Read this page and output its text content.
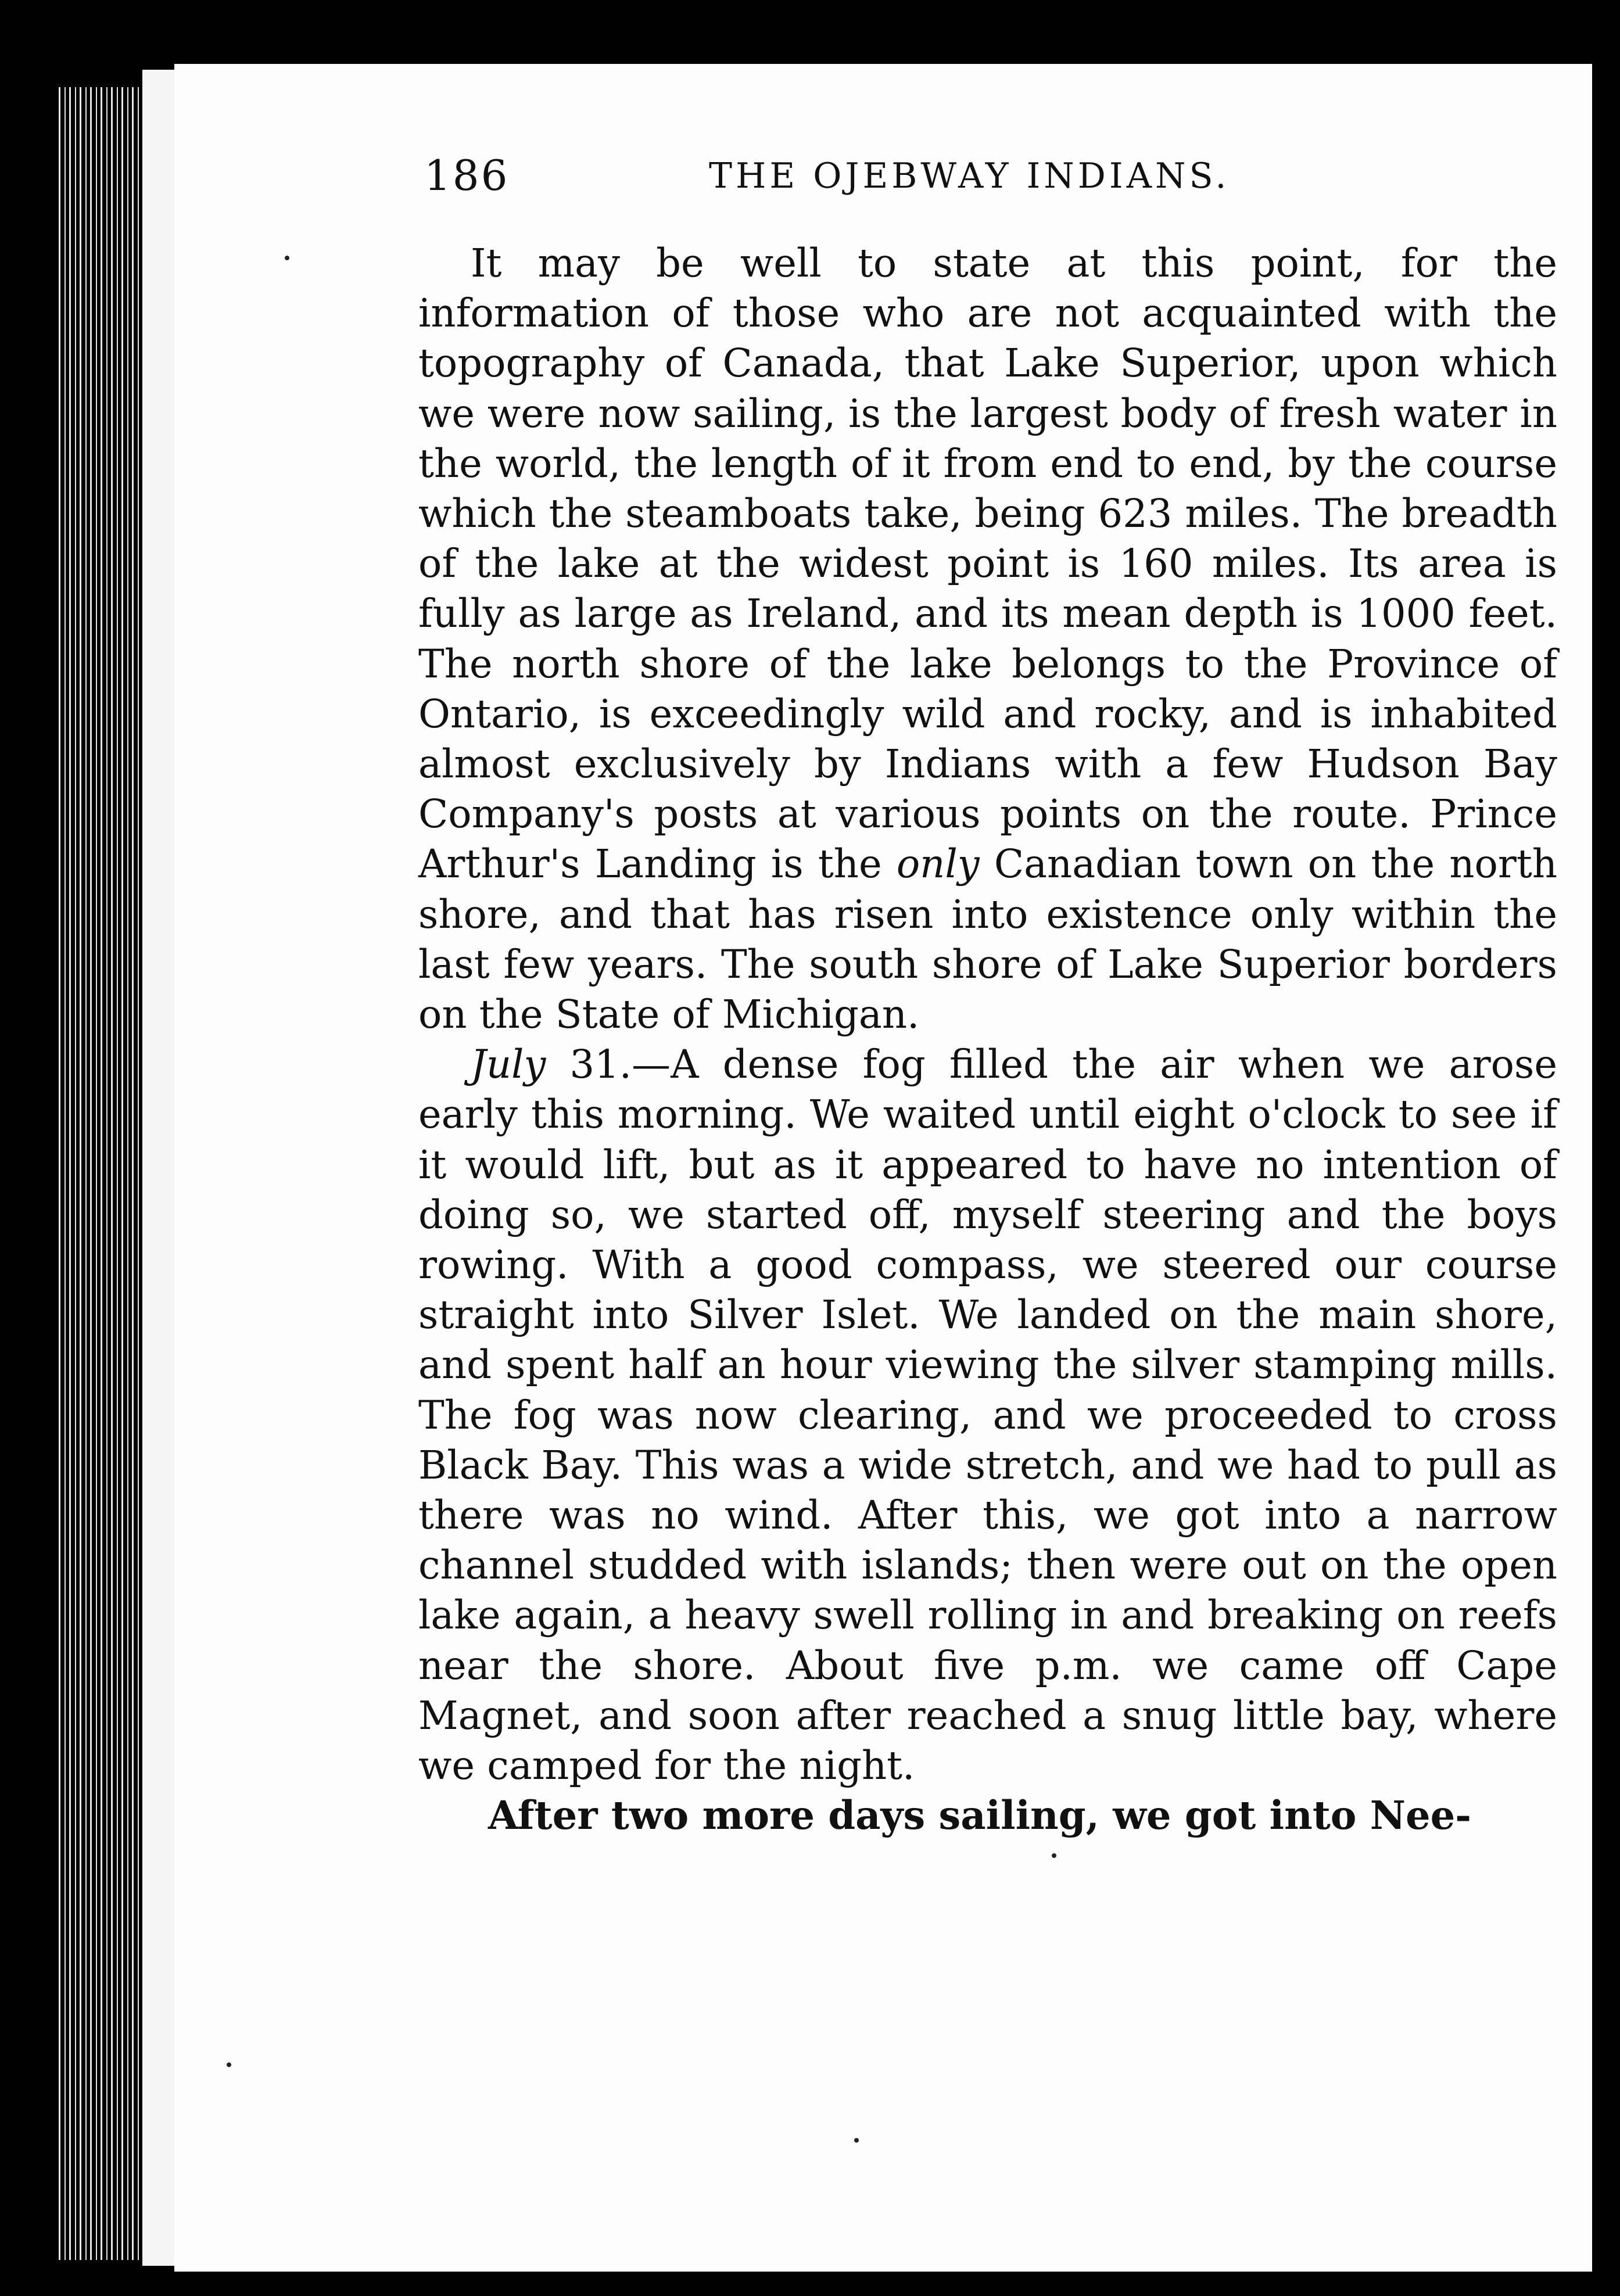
186	THE OJEBWAY INDIANS.

It may be well to state at this point, for the information of those who are not acquainted with the topography of Canada, that Lake Superior, upon which we were now sailing, is the largest body of fresh water in the world, the length of it from end to end, by the course which the steamboats take, being 623 miles. The breadth of the lake at the widest point is 160 miles. Its area is fully as large as Ireland, and its mean depth is 1000 feet. The north shore of the lake belongs to the Province of Ontario, is exceedingly wild and rocky, and is inhabited almost exclusively by Indians with a few Hudson Bay Company's posts at various points on the route. Prince Arthur's Landing is the only Canadian town on the north shore, and that has risen into existence only within the last few years. The south shore of Lake Superior borders on the State of Michigan.

July 31.—A dense fog filled the air when we arose early this morning. We waited until eight o'clock to see if it would lift, but as it appeared to have no intention of doing so, we started off, myself steering and the boys rowing. With a good compass, we steered our course straight into Silver Islet. We landed on the main shore, and spent half an hour viewing the silver stamping mills. The fog was now clearing, and we proceeded to cross Black Bay. This was a wide stretch, and we had to pull as there was no wind. After this, we got into a narrow channel studded with islands; then were out on the open lake again, a heavy swell rolling in and breaking on reefs near the shore. About five p.m. we came off Cape Magnet, and soon after reached a snug little bay, where we camped for the night.

After two more days sailing, we got into Nee-
